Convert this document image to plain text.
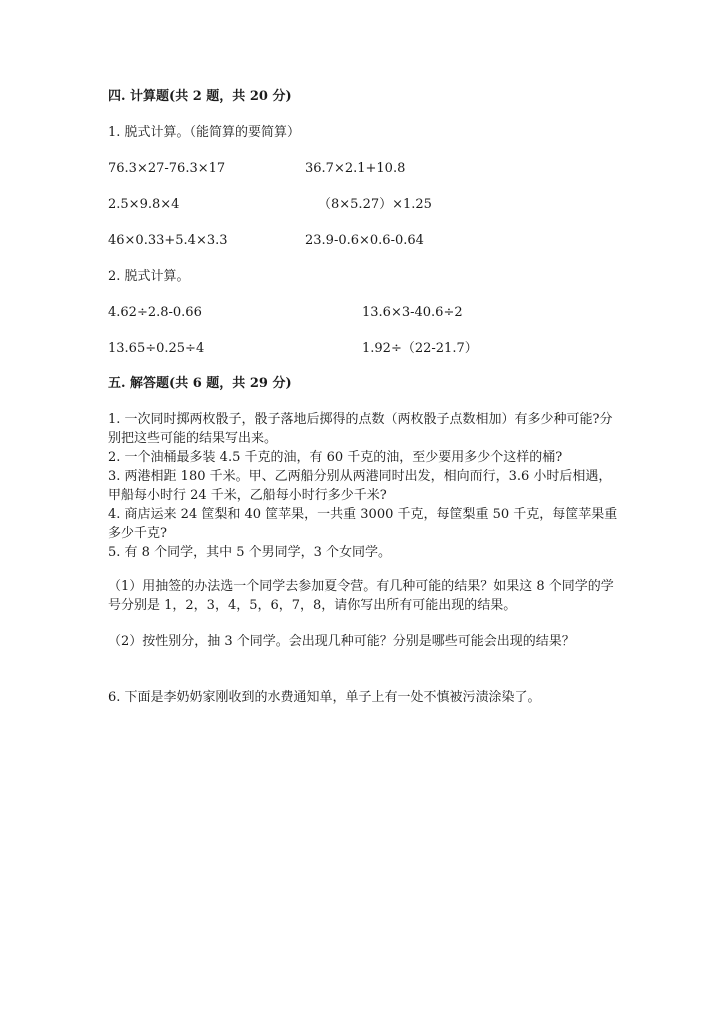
四. 计算题(共 2 题，共 20 分)
1. 脱式计算。（能简算的要简算）
76.3×27-76.3×17	36.7×2.1+10.8
2.5×9.8×4	（8×5.27）×1.25
46×0.33+5.4×3.3	23.9-0.6×0.6-0.64
2. 脱式计算。
4.62÷2.8-0.66	13.6×3-40.6÷2
13.65÷0.25÷4	1.92÷（22-21.7）
五. 解答题(共 6 题，共 29 分)
1. 一次同时掷两枚骰子，骰子落地后掷得的点数（两枚骰子点数相加）有多少种可能?分别把这些可能的结果写出来。
2. 一个油桶最多装 4.5 千克的油，有 60 千克的油，至少要用多少个这样的桶?
3. 两港相距 180 千米。甲、乙两船分别从两港同时出发，相向而行，3.6 小时后相遇，甲船每小时行 24 千米，乙船每小时行多少千米?
4. 商店运来 24 筐梨和 40 筐苹果，一共重 3000 千克，每筐梨重 50 千克，每筐苹果重多少千克?
5. 有 8 个同学，其中 5 个男同学，3 个女同学。
（1）用抽签的办法选一个同学去参加夏令营。有几种可能的结果？如果这 8 个同学的学号分别是 1，2，3，4，5，6，7，8，请你写出所有可能出现的结果。
（2）按性别分，抽 3 个同学。会出现几种可能？分别是哪些可能会出现的结果？
6. 下面是李奶奶家刚收到的水费通知单，单子上有一处不慎被污渍涂染了。
